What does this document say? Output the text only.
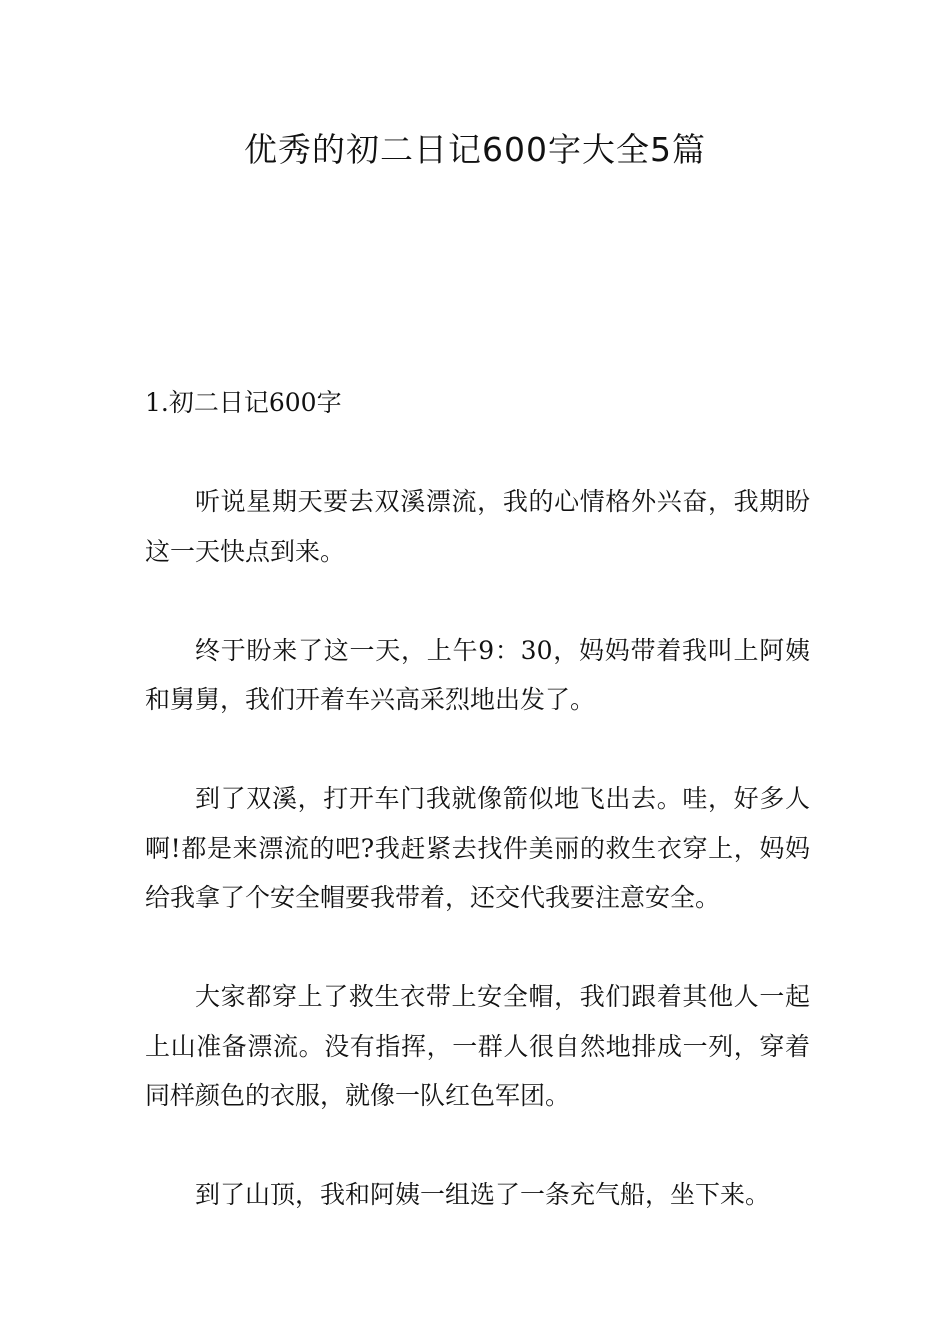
优秀的初二日记600字大全5篇
1.初二日记600字

听说星期天要去双溪漂流，我的心情格外兴奋，我期盼这一天快点到来。

终于盼来了这一天，上午9：30，妈妈带着我叫上阿姨和舅舅，我们开着车兴高采烈地出发了。

到了双溪，打开车门我就像箭似地飞出去。哇，好多人啊!都是来漂流的吧?我赶紧去找件美丽的救生衣穿上，妈妈给我拿了个安全帽要我带着，还交代我要注意安全。

大家都穿上了救生衣带上安全帽，我们跟着其他人一起上山准备漂流。没有指挥，一群人很自然地排成一列，穿着同样颜色的衣服，就像一队红色军团。

到了山顶，我和阿姨一组选了一条充气船，坐下来。
